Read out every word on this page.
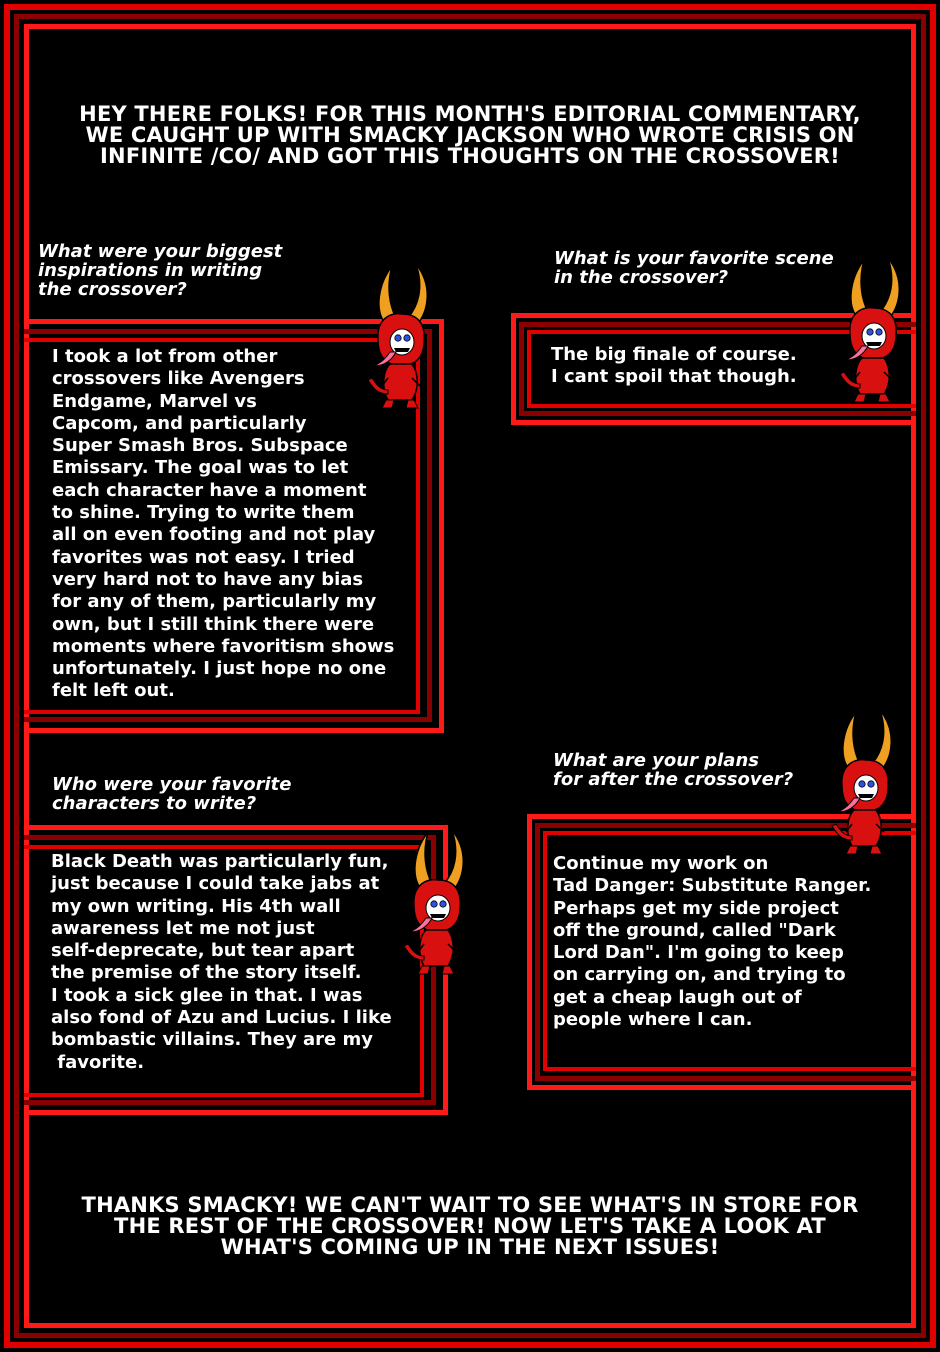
HEY THERE FOLKS! FOR THIS MONTH'S EDITORIAL COMMENTARY,
WE CAUGHT UP WITH SMACKY JACKSON WHO WROTE CRISIS ON
INFINITE /CO/ AND GOT THIS THOUGHTS ON THE CROSSOVER!
What were your biggest
inspirations in writing
the crossover?
I took a lot from other
crossovers like Avengers
Endgame, Marvel vs
Capcom, and particularly
Super Smash Bros. Subspace
Emissary. The goal was to let
each character have a moment
to shine. Trying to write them
all on even footing and not play
favorites was not easy. I tried
very hard not to have any bias
for any of them, particularly my
own, but I still think there were
moments where favoritism shows
unfortunately. I just hope no one
felt left out.
What is your favorite scene
in the crossover?
The big finale of course.
I cant spoil that though.
Who were your favorite
characters to write?
Black Death was particularly fun,
just because I could take jabs at
my own writing. His 4th wall
awareness let me not just
self-deprecate, but tear apart
the premise of the story itself.
I took a sick glee in that. I was
also fond of Azu and Lucius. I like
bombastic villains. They are my
favorite.
What are your plans
for after the crossover?
Continue my work on
Tad Danger: Substitute Ranger.
Perhaps get my side project
off the ground, called "Dark
Lord Dan". I'm going to keep
on carrying on, and trying to
get a cheap laugh out of
people where I can.
THANKS SMACKY! WE CAN'T WAIT TO SEE WHAT'S IN STORE FOR
THE REST OF THE CROSSOVER! NOW LET'S TAKE A LOOK AT
WHAT'S COMING UP IN THE NEXT ISSUES!
